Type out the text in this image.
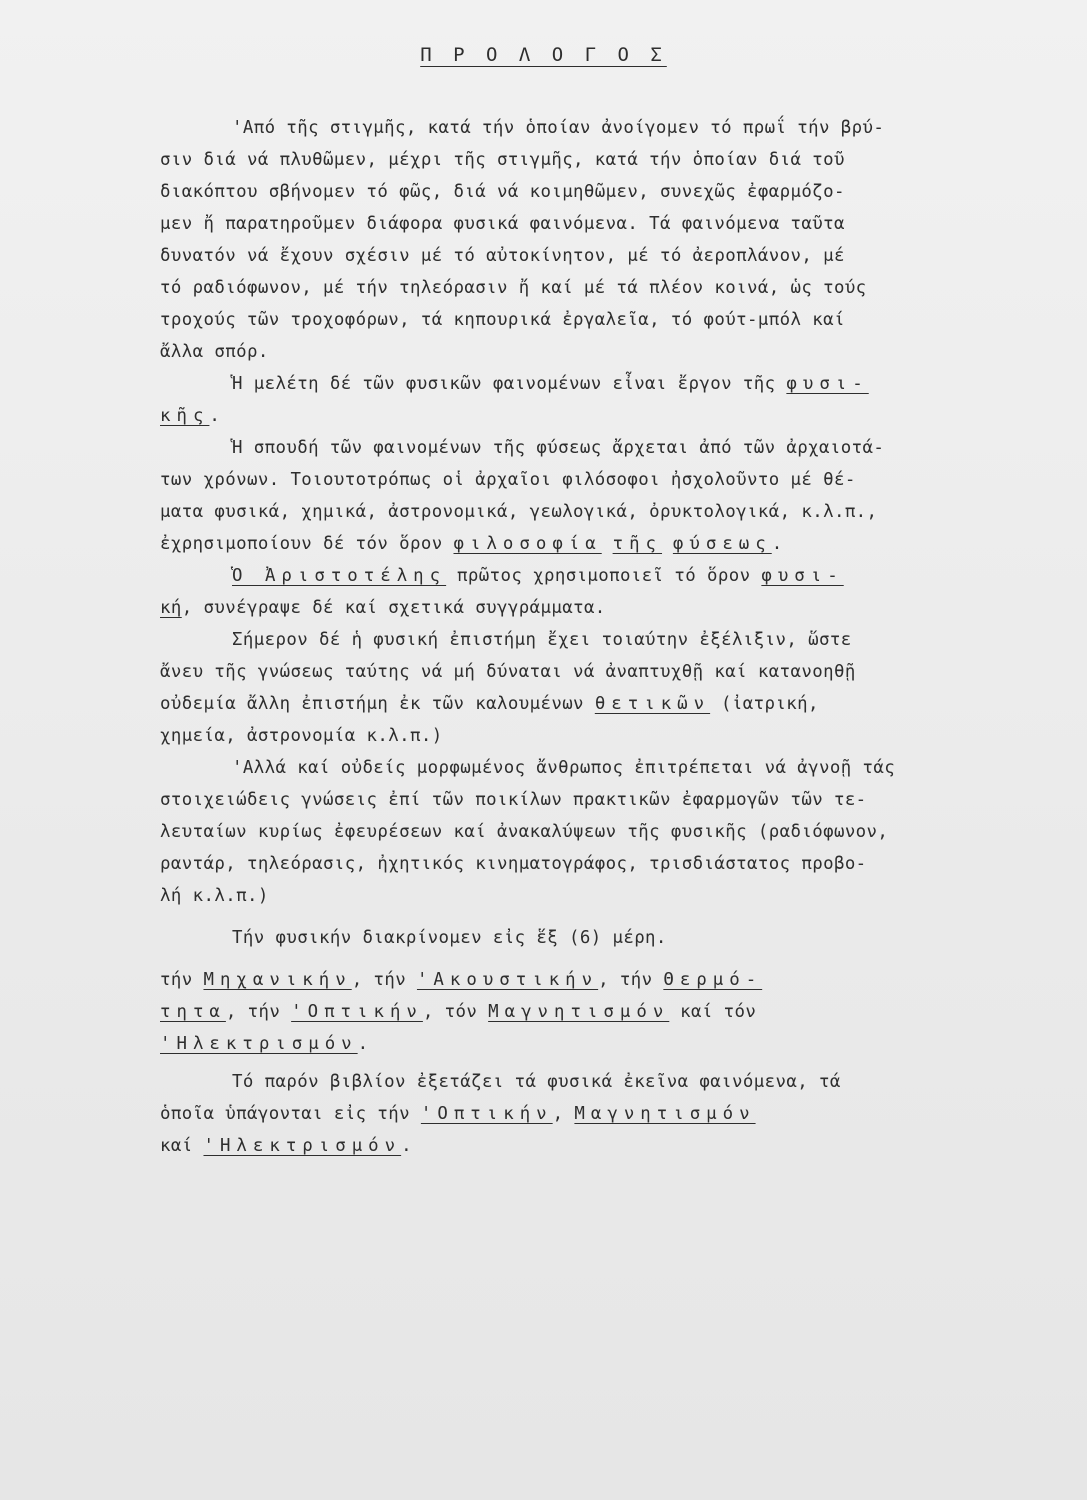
Π Ρ Ο Λ Ο Γ Ο Σ
'Από τῆς στιγμῆς, κατά τήν ὁποίαν ἀνοίγομεν τό πρωΐ τήν βρύ-
σιν διά νά πλυθῶμεν, μέχρι τῆς στιγμῆς, κατά τήν ὁποίαν διά τοῦ
διακόπτου σβήνομεν τό φῶς, διά νά κοιμηθῶμεν, συνεχῶς ἐφαρμόζο-
μεν ἤ παρατηροῦμεν διάφορα φυσικά φαινόμενα. Τά φαινόμενα ταῦτα
δυνατόν νά ἔχουν σχέσιν μέ τό αὐτοκίνητον, μέ τό ἀεροπλάνον, μέ
τό ραδιόφωνον, μέ τήν τηλεόρασιν ἤ καί μέ τά πλέον κοινά, ὡς τούς
τροχούς τῶν τροχοφόρων, τά κηπουρικά ἐργαλεῖα, τό φούτ-μπόλ καί
ἄλλα σπόρ.
Ἡ μελέτη δέ τῶν φυσικῶν φαινομένων εἶναι ἔργον τῆς φυσι-
κῆς.
Ἡ σπουδή τῶν φαινομένων τῆς φύσεως ἄρχεται ἀπό τῶν ἀρχαιοτά-
των χρόνων. Τοιουτοτρόπως οἱ ἀρχαῖοι φιλόσοφοι ἠσχολοῦντο μέ θέ-
ματα φυσικά, χημικά, ἀστρονομικά, γεωλογικά, ὀρυκτολογικά, κ.λ.π.,
ἐχρησιμοποίουν δέ τόν ὅρον φιλοσοφία τῆς φύσεως.
Ὁ Ἀριστοτέλης πρῶτος χρησιμοποιεῖ τό ὅρον φυσι-
κή, συνέγραψε δέ καί σχετικά συγγράμματα.
Σήμερον δέ ἡ φυσική ἐπιστήμη ἔχει τοιαύτην ἐξέλιξιν, ὥστε
ἄνευ τῆς γνώσεως ταύτης νά μή δύναται νά ἀναπτυχθῇ καί κατανοηθῇ
οὐδεμία ἄλλη ἐπιστήμη ἐκ τῶν καλουμένων θετικῶν (ἰατρική,
χημεία, ἀστρονομία κ.λ.π.)
'Αλλά καί οὐδείς μορφωμένος ἄνθρωπος ἐπιτρέπεται νά ἀγνοῇ τάς
στοιχειώδεις γνώσεις ἐπί τῶν ποικίλων πρακτικῶν ἐφαρμογῶν τῶν τε-
λευταίων κυρίως ἐφευρέσεων καί ἀνακαλύψεων τῆς φυσικῆς (ραδιόφωνον,
ραντάρ, τηλεόρασις, ἠχητικός κινηματογράφος, τρισδιάστατος προβο-
λή κ.λ.π.)
Τήν φυσικήν διακρίνομεν εἰς ἕξ (6) μέρη.
τήν Μηχανικήν, τήν 'Ακουστικήν, τήν Θερμό-
τητα, τήν 'Οπτικήν, τόν Μαγνητισμόν καί τόν
'Ηλεκτρισμόν.
Τό παρόν βιβλίον ἐξετάζει τά φυσικά ἐκεῖνα φαινόμενα, τά
ὁποῖα ὑπάγονται εἰς τήν 'Οπτικήν, Μαγνητισμόν
καί 'Ηλεκτρισμόν.
